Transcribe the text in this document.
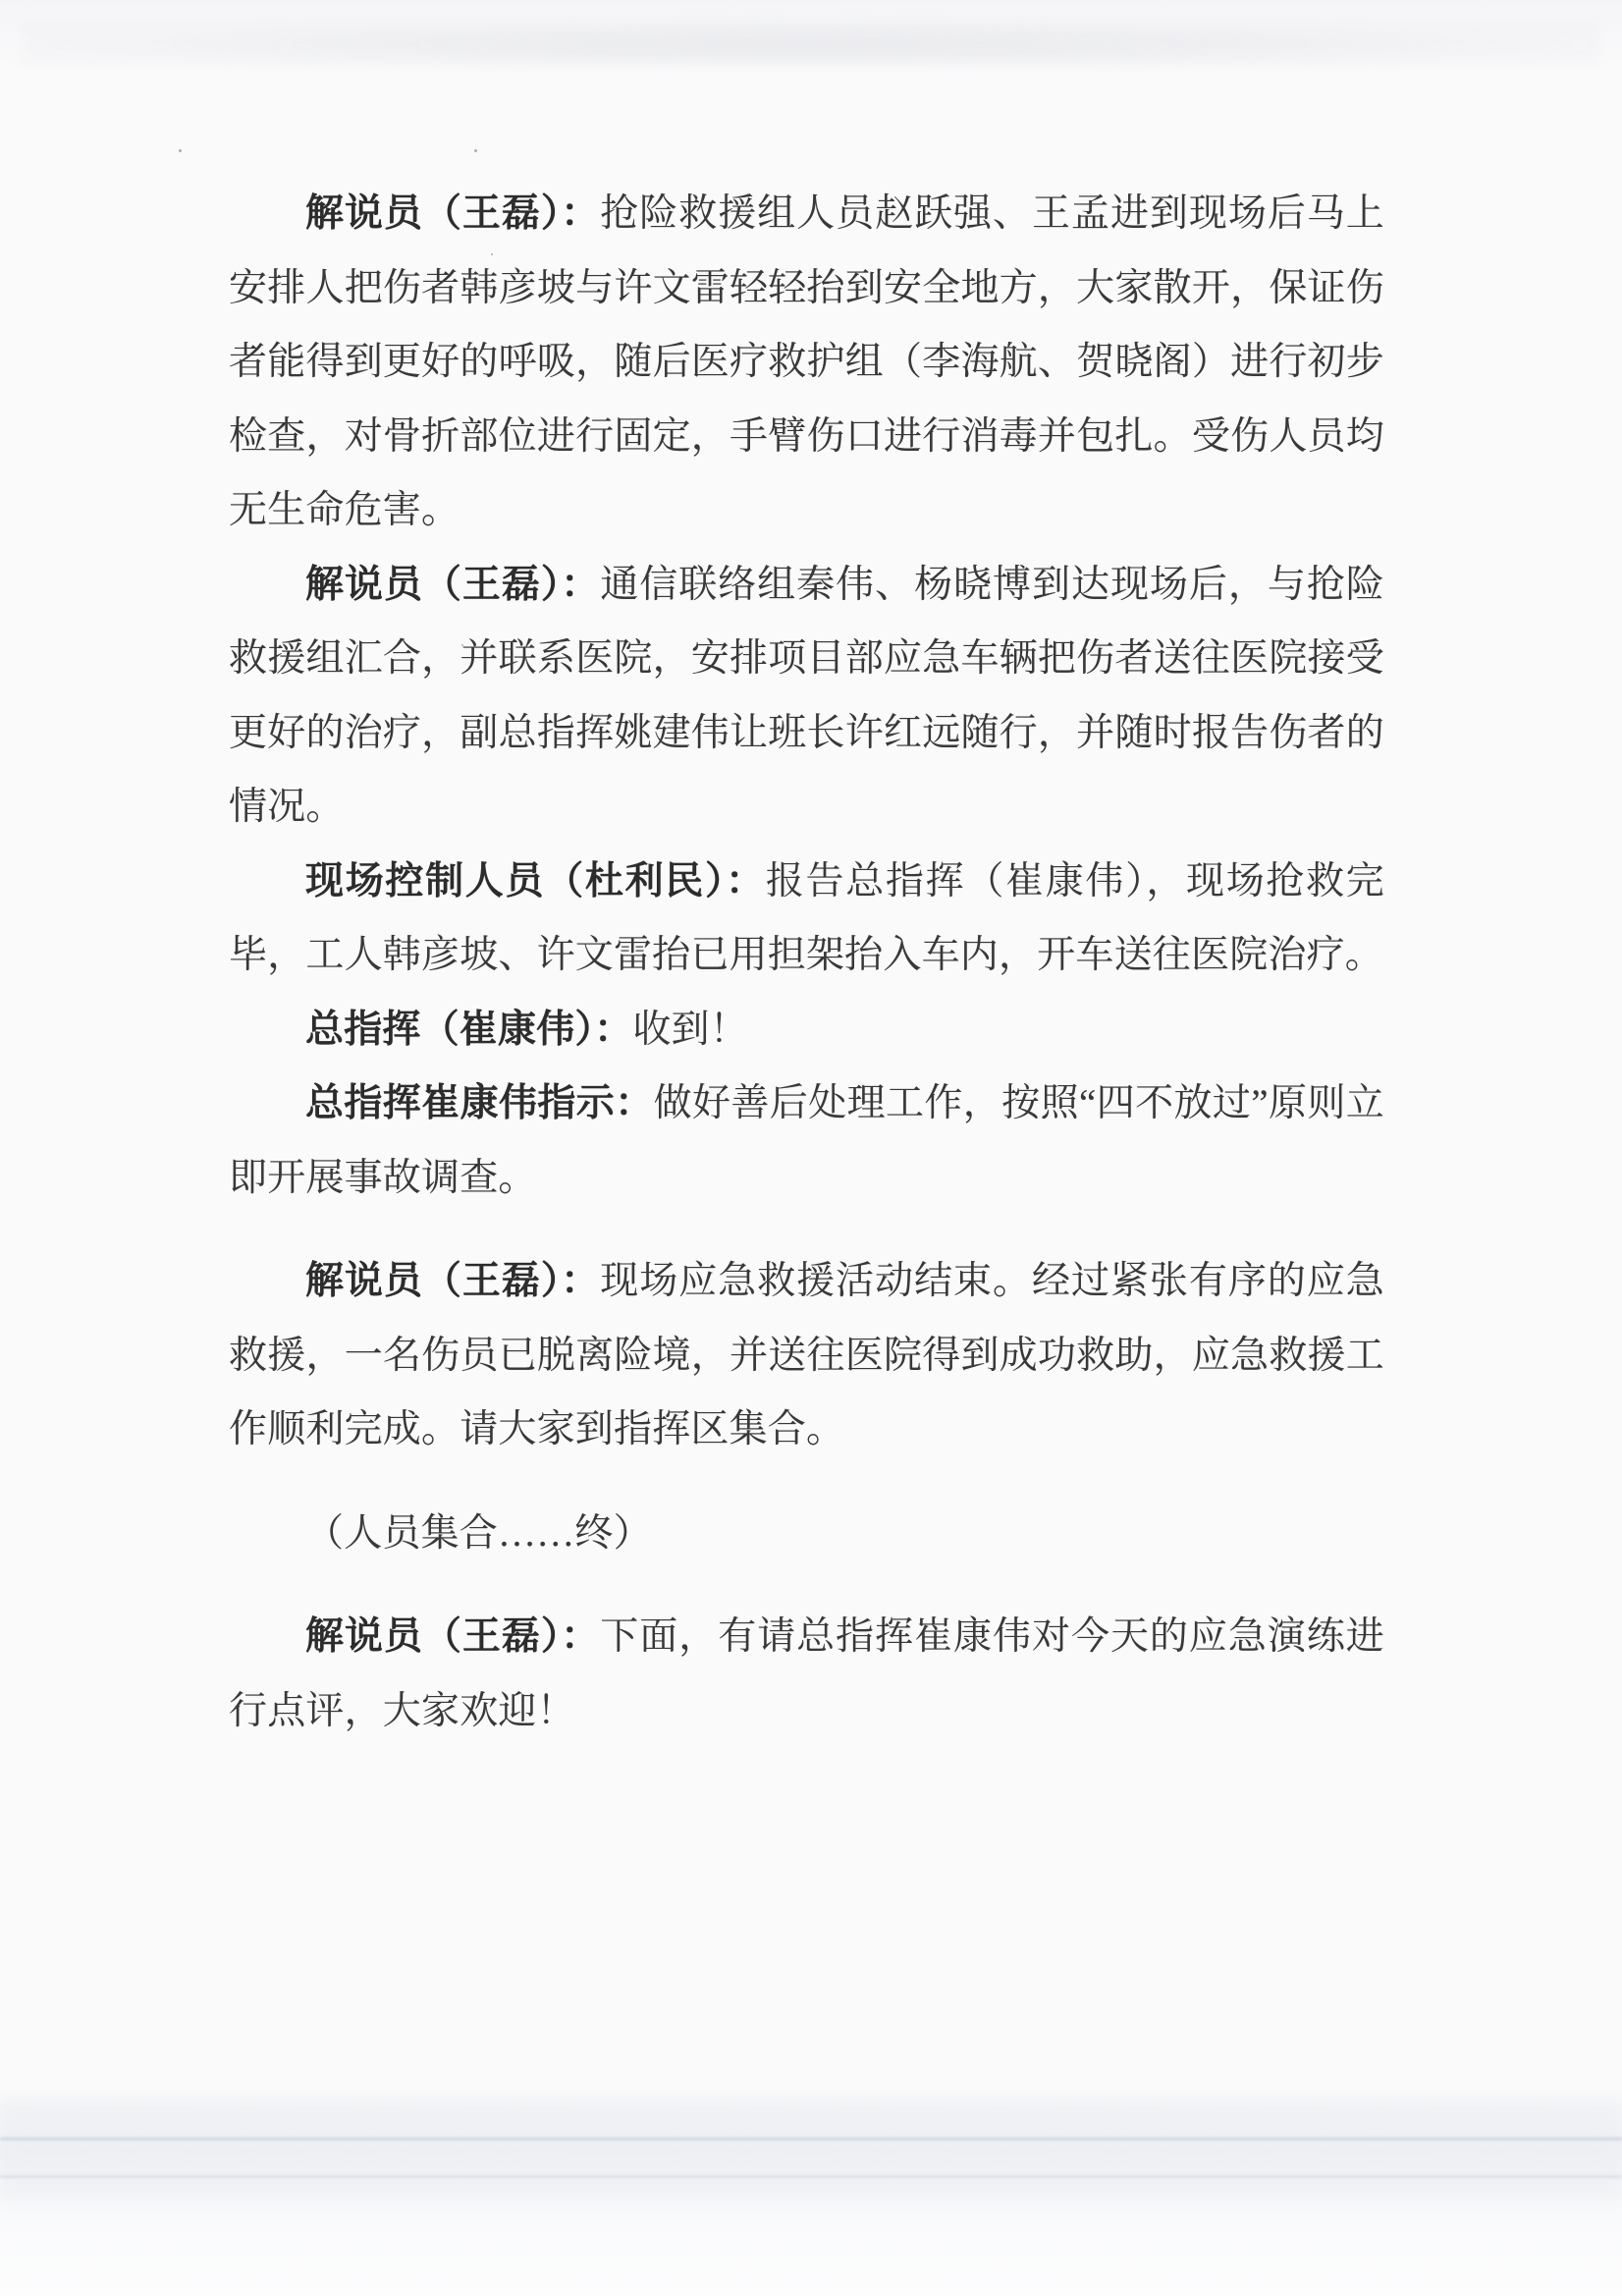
解说员（王磊）：抢险救援组人员赵跃强、王孟进到现场后马上安排人把伤者韩彦坡与许文雷轻轻抬到安全地方，大家散开，保证伤者能得到更好的呼吸，随后医疗救护组（李海航、贺晓阁）进行初步检查，对骨折部位进行固定，手臂伤口进行消毒并包扎。受伤人员均无生命危害。

解说员（王磊）：通信联络组秦伟、杨晓博到达现场后，与抢险救援组汇合，并联系医院，安排项目部应急车辆把伤者送往医院接受更好的治疗，副总指挥姚建伟让班长许红远随行，并随时报告伤者的情况。

现场控制人员（杜利民）：报告总指挥（崔康伟），现场抢救完毕，工人韩彦坡、许文雷抬已用担架抬入车内，开车送往医院治疗。

总指挥（崔康伟）：收到！

总指挥崔康伟指示：做好善后处理工作，按照“四不放过”原则立即开展事故调查。

解说员（王磊）：现场应急救援活动结束。经过紧张有序的应急救援，一名伤员已脱离险境，并送往医院得到成功救助，应急救援工作顺利完成。请大家到指挥区集合。

（人员集合……终）

解说员（王磊）：下面，有请总指挥崔康伟对今天的应急演练进行点评，大家欢迎！
